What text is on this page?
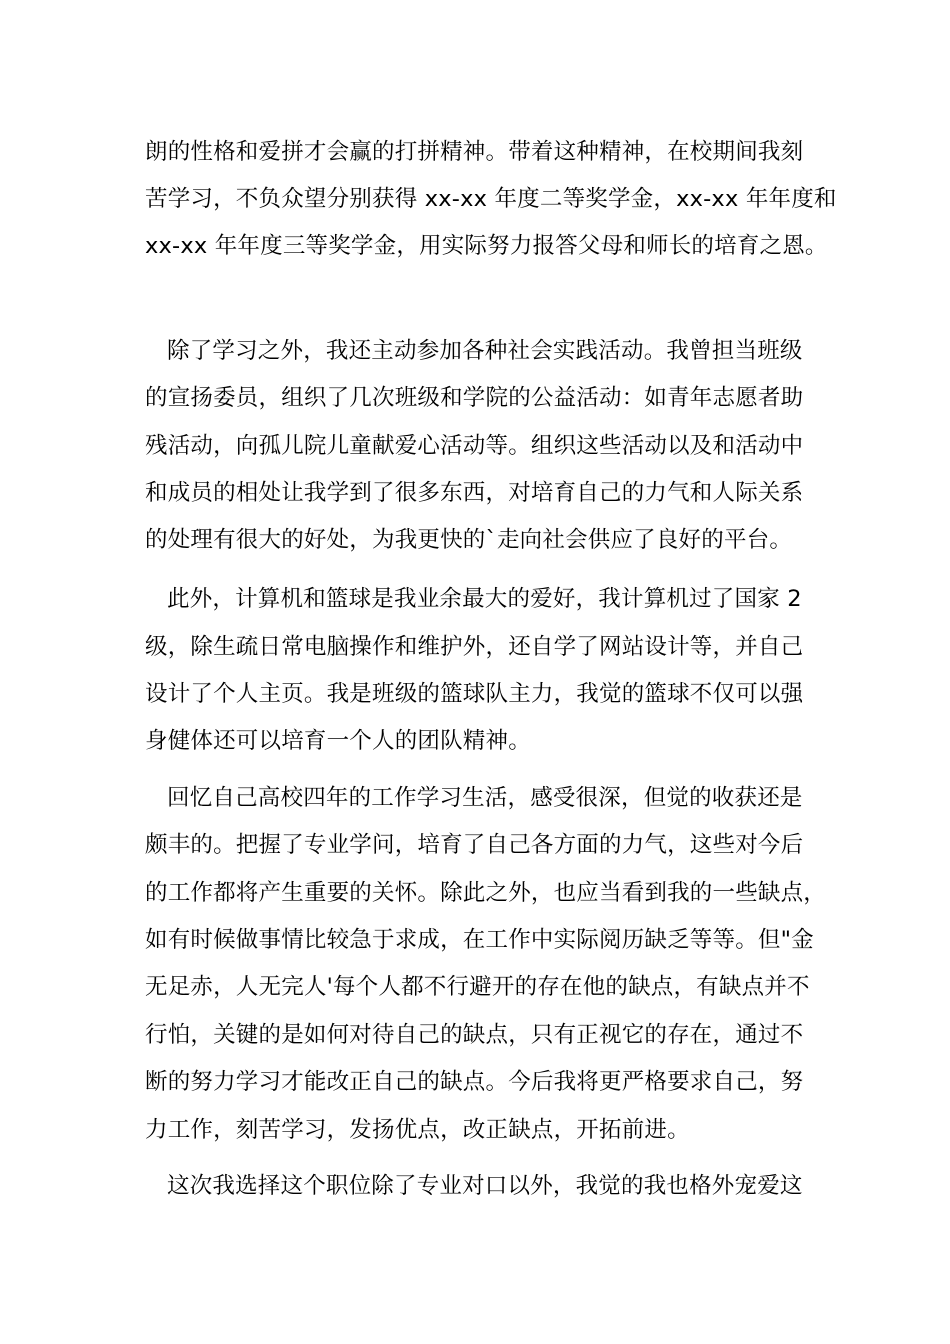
朗的性格和爱拼才会赢的打拼精神。带着这种精神，在校期间我刻
苦学习，不负众望分别获得 xx-xx 年度二等奖学金，xx-xx 年年度和
xx-xx 年年度三等奖学金，用实际努力报答父母和师长的培育之恩。
除了学习之外，我还主动参加各种社会实践活动。我曾担当班级
的宣扬委员，组织了几次班级和学院的公益活动：如青年志愿者助
残活动，向孤儿院儿童献爱心活动等。组织这些活动以及和活动中
和成员的相处让我学到了很多东西，对培育自己的力气和人际关系
的处理有很大的好处，为我更快的`走向社会供应了良好的平台。
此外，计算机和篮球是我业余最大的爱好，我计算机过了国家 2
级，除生疏日常电脑操作和维护外，还自学了网站设计等，并自己
设计了个人主页。我是班级的篮球队主力，我觉的篮球不仅可以强
身健体还可以培育一个人的团队精神。
回忆自己高校四年的工作学习生活，感受很深，但觉的收获还是
颇丰的。把握了专业学问，培育了自己各方面的力气，这些对今后
的工作都将产生重要的关怀。除此之外，也应当看到我的一些缺点，
如有时候做事情比较急于求成，在工作中实际阅历缺乏等等。但"金
无足赤，人无完人'每个人都不行避开的存在他的缺点，有缺点并不
行怕，关键的是如何对待自己的缺点，只有正视它的存在，通过不
断的努力学习才能改正自己的缺点。今后我将更严格要求自己，努
力工作，刻苦学习，发扬优点，改正缺点，开拓前进。
这次我选择这个职位除了专业对口以外，我觉的我也格外宠爱这
